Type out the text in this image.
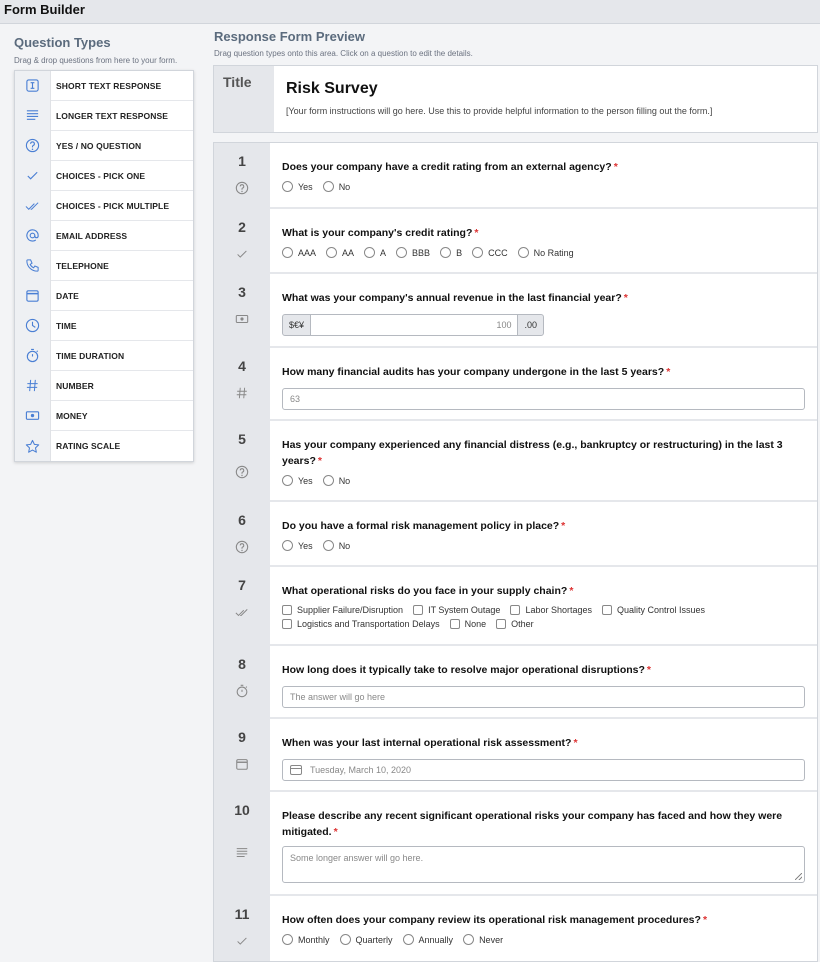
Form Builder
Question Types
Drag & drop questions from here to your form.
SHORT TEXT RESPONSE
LONGER TEXT RESPONSE
YES / NO QUESTION
CHOICES - PICK ONE
CHOICES - PICK MULTIPLE
EMAIL ADDRESS
TELEPHONE
DATE
TIME
TIME DURATION
NUMBER
MONEY
RATING SCALE
Response Form Preview
Drag question types onto this area. Click on a question to edit the details.
Title	Risk Survey
[Your form instructions will go here. Use this to provide helpful information to the person filling out the form.]
1	Does your company have a credit rating from an external agency? *
Yes	No
2	What is your company's credit rating? *
AAA	AA	A	BBB	B	CCC	No Rating
3	What was your company's annual revenue in the last financial year? *
$€¥	100	.00
4	How many financial audits has your company undergone in the last 5 years? *
63
5	Has your company experienced any financial distress (e.g., bankruptcy or restructuring) in the last 3 years? *
Yes	No
6	Do you have a formal risk management policy in place? *
Yes	No
7	What operational risks do you face in your supply chain? *
Supplier Failure/Disruption	IT System Outage	Labor Shortages	Quality Control Issues
Logistics and Transportation Delays	None	Other
8	How long does it typically take to resolve major operational disruptions? *
The answer will go here
9	When was your last internal operational risk assessment? *
Tuesday, March 10, 2020
10	Please describe any recent significant operational risks your company has faced and how they were mitigated. *
Some longer answer will go here.
11	How often does your company review its operational risk management procedures? *
Monthly	Quarterly	Annually	Never
